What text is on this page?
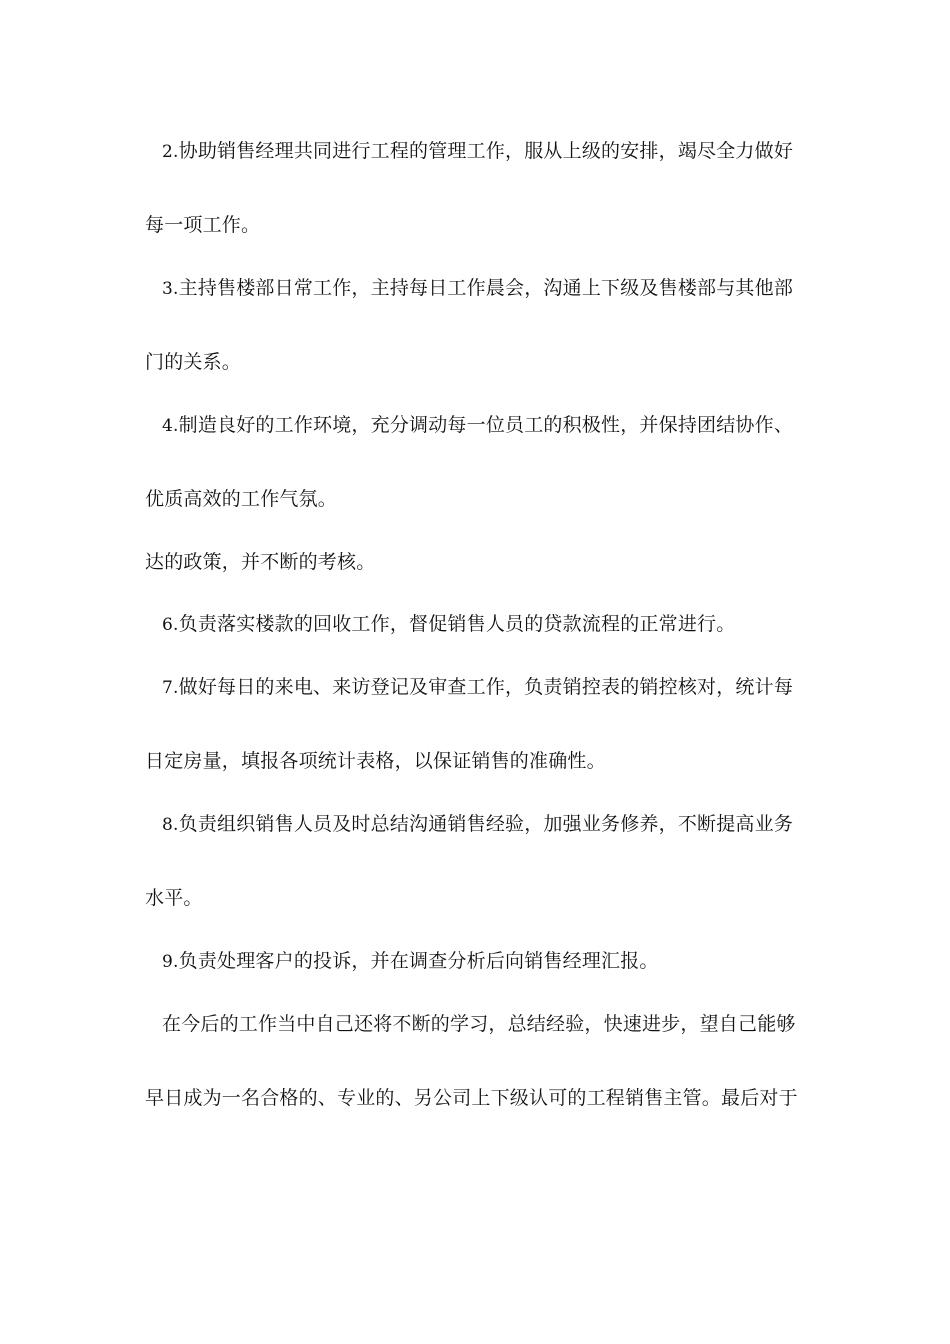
2.协助销售经理共同进行工程的管理工作，服从上级的安排，竭尽全力做好
每一项工作。
3.主持售楼部日常工作，主持每日工作晨会，沟通上下级及售楼部与其他部
门的关系。
4.制造良好的工作环境，充分调动每一位员工的积极性，并保持团结协作、
优质高效的工作气氛。
达的政策，并不断的考核。
6.负责落实楼款的回收工作，督促销售人员的贷款流程的正常进行。
7.做好每日的来电、来访登记及审查工作，负责销控表的销控核对，统计每
日定房量，填报各项统计表格，以保证销售的准确性。
8.负责组织销售人员及时总结沟通销售经验，加强业务修养，不断提高业务
水平。
9.负责处理客户的投诉，并在调查分析后向销售经理汇报。
在今后的工作当中自己还将不断的学习，总结经验，快速进步，望自己能够
早日成为一名合格的、专业的、另公司上下级认可的工程销售主管。最后对于
